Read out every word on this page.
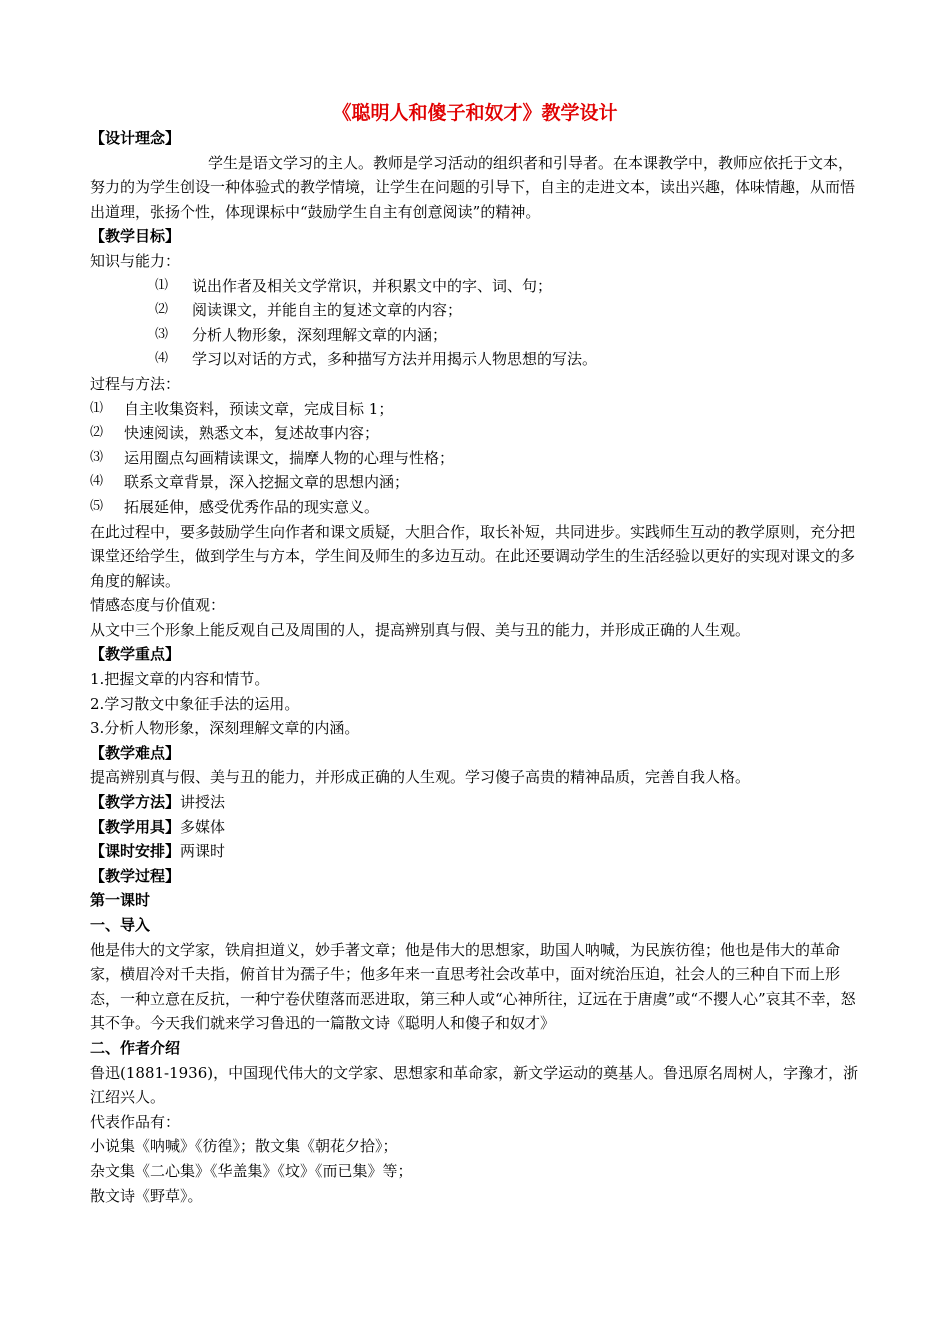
《聪明人和傻子和奴才》教学设计

【设计理念】

学生是语文学习的主人。教师是学习活动的组织者和引导者。在本课教学中，教师应依托于文本，努力的为学生创设一种体验式的教学情境，让学生在问题的引导下，自主的走进文本，读出兴趣，体味情趣，从而悟出道理，张扬个性，体现课标中“鼓励学生自主有创意阅读”的精神。

【教学目标】

知识与能力：

⑴	说出作者及相关文学常识，并积累文中的字、词、句；
⑵	阅读课文，并能自主的复述文章的内容；
⑶	分析人物形象，深刻理解文章的内涵；
⑷	学习以对话的方式，多种描写方法并用揭示人物思想的写法。

过程与方法：

⑴	自主收集资料，预读文章，完成目标 1；
⑵	快速阅读，熟悉文本，复述故事内容；
⑶	运用圈点勾画精读课文，揣摩人物的心理与性格；
⑷	联系文章背景，深入挖掘文章的思想内涵；
⑸	拓展延伸，感受优秀作品的现实意义。

在此过程中，要多鼓励学生向作者和课文质疑，大胆合作，取长补短，共同进步。实践师生互动的教学原则，充分把课堂还给学生，做到学生与方本，学生间及师生的多边互动。在此还要调动学生的生活经验以更好的实现对课文的多角度的解读。

情感态度与价值观：

从文中三个形象上能反观自己及周围的人，提高辨别真与假、美与丑的能力，并形成正确的人生观。

【教学重点】

1.把握文章的内容和情节。

2.学习散文中象征手法的运用。

3.分析人物形象，深刻理解文章的内涵。

【教学难点】

提高辨别真与假、美与丑的能力，并形成正确的人生观。学习傻子高贵的精神品质，完善自我人格。

【教学方法】讲授法

【教学用具】多媒体

【课时安排】两课时

【教学过程】

第一课时

一、导入

他是伟大的文学家，铁肩担道义，妙手著文章；他是伟大的思想家，助国人呐喊，为民族彷徨；他也是伟大的革命家，横眉冷对千夫指，俯首甘为孺子牛；他多年来一直思考社会改革中，面对统治压迫，社会人的三种自下而上形态，一种立意在反抗，一种宁卷伏堕落而恶进取，第三种人或“心神所往，辽远在于唐虞”或“不撄人心”哀其不幸，怒其不争。今天我们就来学习鲁迅的一篇散文诗《聪明人和傻子和奴才》

二、作者介绍

鲁迅(1881-1936)，中国现代伟大的文学家、思想家和革命家，新文学运动的奠基人。鲁迅原名周树人，字豫才，浙江绍兴人。

代表作品有：

小说集《呐喊》《彷徨》；散文集《朝花夕拾》；

杂文集《二心集》《华盖集》《坟》《而已集》等；

散文诗《野草》。
